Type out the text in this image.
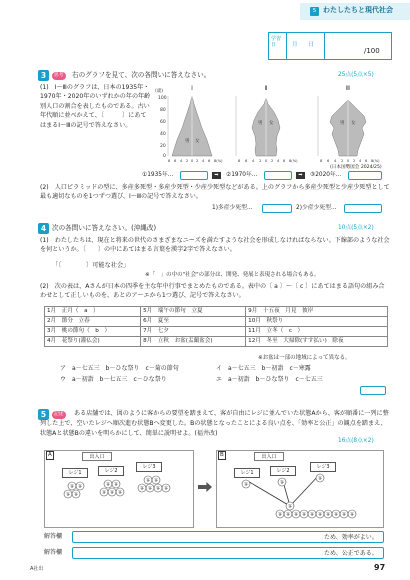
5 わたしたちと現代社会
学習日	月　　日
/100
3	思考	右のグラフを見て、次の各問いに答えなさい。	25点(5点×5)
(1)　Ⅰ～Ⅲのグラフは、日本の1935年・1970年・2020年のいずれかの年の年齢別人口の割合を表したものである。古い年代順に並べかえて、〔　　　〕にあてはまるⅠ～Ⅲの記号で答えなさい。
Ⅰ
(歳)
100
80
60
40
20
0
男 女
8 6 4 2 0 2 4 6 8(%)
Ⅱ
男 女
8 6 4 2 0 2 4 6 8(%)
Ⅲ
男 女
8 6 4 2 0 2 4 6 8(%)
(日本国勢図会 2024/25)
①1935年…	➡	②1970年…	➡	③2020年…
(2)　人口ピラミッドの型に、多産多死型・多産少死型・少産少死型などがある。上のグラフから多産少死型と少産少死型として最も適切なものを1つずつ選び、Ⅰ～Ⅲの記号で答えなさい。
1)多産少死型…	2)少産少死型…
4 次の各問いに答えなさい。(沖縄改)	10点(5点×2)
(1)　わたしたちは、現在と将来の世代のさまざまなニーズを満たすような社会を形成しなければならない。下線部のような社会を何というか。〔　　〕の中にあてはまる言葉を漢字2字で答えなさい。
「〔　　　　〕可能な社会」
※「　」の中の"社会"の部分は、開発、発展と表現される場合もある。
(2)　次の表は、Aさんが日本の四季を主な年中行事でまとめたものである。表中の〔 a 〕～〔 c 〕にあてはまる語句の組み合わせとして正しいものを、あとのア～エから1つ選び、記号で答えなさい。
1月　正月（　a　）	5月　端午の節句　立夏	9月　十五夜　月見　彼岸
2月　節分　立春	6月　夏至	10月　秋祭り
3月　桃の節句（　b　）	7月　七夕	11月　立冬（　c　）
4月　花祭り(灌仏会)	8月　立秋　お盆(盂蘭盆会)	12月　冬至　大掃除(すす払い)　除夜
※お盆は一部の地域によって異なる。
ア　a－七五三　b－ひな祭り　c－菊の節句	イ　a－七五三　b－初詣　c－寒露
ウ　a－初詣　b－七五三　c－ひな祭り	エ　a－初詣　b－ひな祭り　c－七五三
5	記述	ある店舗では、図のように客からの要望を踏まえて、客が自由にレジに並んでいた状態Aから、客が順番に一列に整列した上で、空いたレジへ順次進む状態Bへ変更した。Bの状態となったことによる良い点を、「効率と公正」の観点を踏まえ、状態Aと状態Bの違いを明らかにして、簡単に説明せよ。(福井改)
16点(8点×2)
A	出入口
レジ1	レジ2
レジ3
客 客
客 客
客 客
客 客 客
客 客
客 客 客 客
B	出入口
レジ1	レジ2
レジ3
客	客
客
客
客 客 客 客 客 客 客 客 客 客
解答欄	ため、効率がよい。
解答欄	ため、公正である。
A社出	97
